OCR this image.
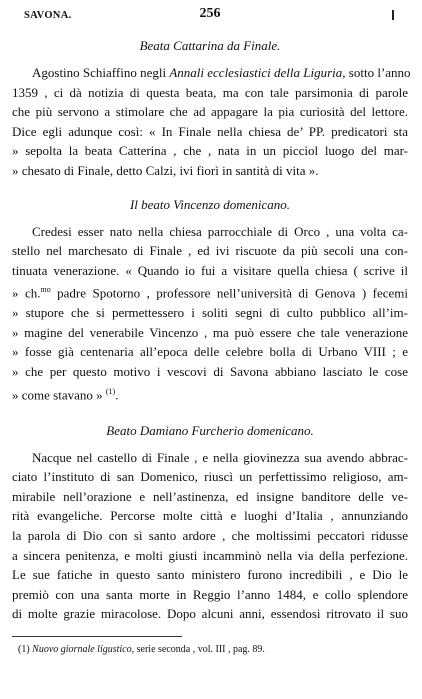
SAVONA.	256
Beata Cattarina da Finale.

Agostino Schiaffino negli Annali ecclesiastici della Liguria, sotto l’anno
1359 , ci dà notizia di questa beata, ma con tale parsimonia di parole
che più servono a stimolare che ad appagare la pia curiosità del lettore.
Dice egli adunque così: « In Finale nella chiesa de’ PP. predicatori sta
» sepolta la beata Catterina , che , nata in un picciol luogo del mar-
» chesato di Finale, detto Calzi, ivi fiorì in santità di vita ».

Il beato Vincenzo domenicano.

Credesi esser nato nella chiesa parrocchiale di Orco , una volta ca-
stello nel marchesato di Finale , ed ivi riscuote da più secoli una con-
tinuata venerazione. « Quando io fui a visitare quella chiesa ( scrive il
» ch.$^{mo}$ padre Spotorno , professore nell’università di Genova ) fecemi
» stupore che si permettessero i soliti segni di culto pubblico all’im-
» magine del venerabile Vincenzo , ma può essere che tale venerazione
» fosse già centenaria all’epoca delle celebre bolla di Urbano VIII ; e
» che per questo motivo i vescovi di Savona abbiano lasciato le cose
» come stavano » $^{(1)}$.

Beato Damiano Furcherio domenicano.

Nacque nel castello di Finale , e nella giovinezza sua avendo abbrac-
ciato l’instituto di san Domenico, riuscì un perfettissimo religioso, am-
mirabile nell’orazione e nell’astinenza, ed insigne banditore delle ve-
rità evangeliche. Percorse molte città e luoghi d’Italia , annunziando
la parola di Dio con sì santo ardore , che moltissimi peccatori ridusse
a sincera penitenza, e molti giusti incamminò nella via della perfezione.
Le sue fatiche in questo santo ministero furono incredibili , e Dio le
premiò con una santa morte in Reggio l’anno 1484, e collo splendore
di molte grazie miracolose. Dopo alcuni anni, essendosi ritrovato il suo

(1) Nuovo giornale ligustico, serie seconda , vol. III , pag. 89.
